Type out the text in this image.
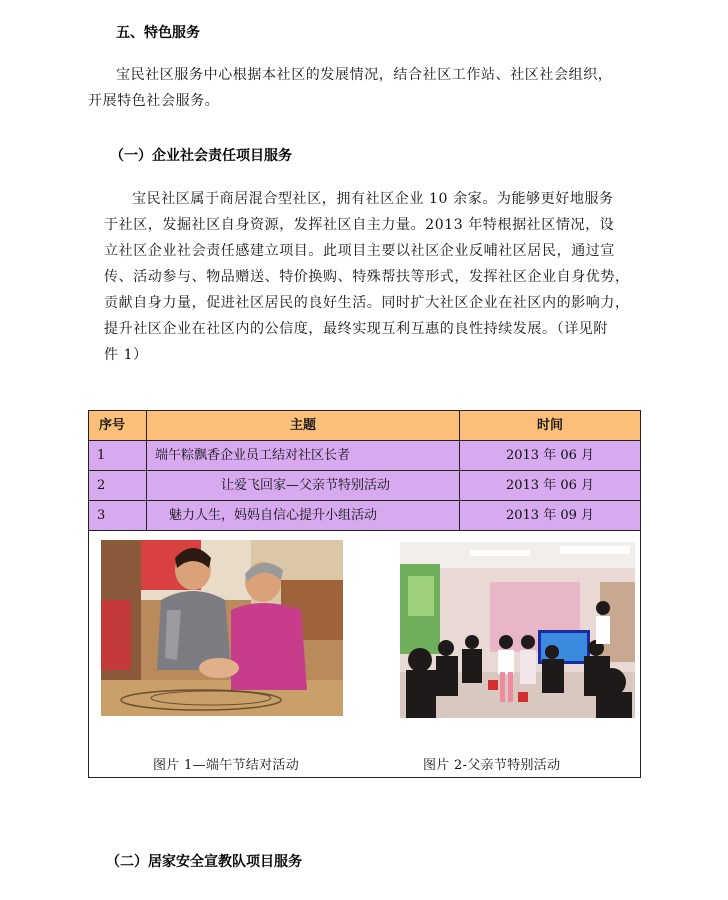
五、特色服务
宝民社区服务中心根据本社区的发展情况，结合社区工作站、社区社会组织，
开展特色社会服务。
（一）企业社会责任项目服务
宝民社区属于商居混合型社区，拥有社区企业 10 余家。为能够更好地服务
于社区，发掘社区自身资源，发挥社区自主力量。2013 年特根据社区情况，设
立社区企业社会责任感建立项目。此项目主要以社区企业反哺社区居民，通过宣
传、活动参与、物品赠送、特价换购、特殊帮扶等形式，发挥社区企业自身优势，
贡献自身力量，促进社区居民的良好生活。同时扩大社区企业在社区内的影响力，
提升社区企业在社区内的公信度，最终实现互利互惠的良性持续发展。（详见附
件 1）
序号	主题	时间
1	端午粽飘香企业员工结对社区长者	2013 年 06 月
2	让爱飞回家—父亲节特别活动	2013 年 06 月
3	魅力人生，妈妈自信心提升小组活动	2013 年 09 月
图片 1—端午节结对活动	图片 2-父亲节特别活动
（二）居家安全宣教队项目服务
